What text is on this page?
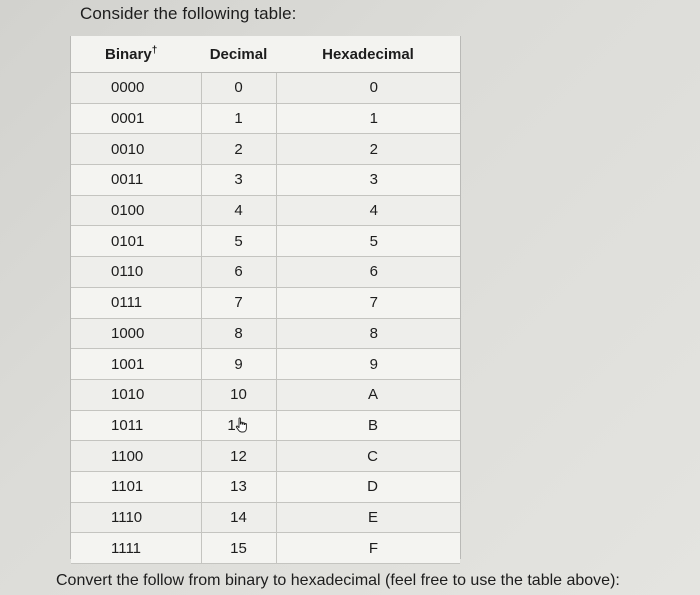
Consider the following table:
Binary†	Decimal	Hexadecimal
0000	0	0
0001	1	1
0010	2	2
0011	3	3
0100	4	4
0101	5	5
0110	6	6
0111	7	7
1000	8	8
1001	9	9
1010	10	A
1011	1	B
1100	12	C
1101	13	D
1110	14	E
1111	15	F
Convert the follow from binary to hexadecimal (feel free to use the table above):
